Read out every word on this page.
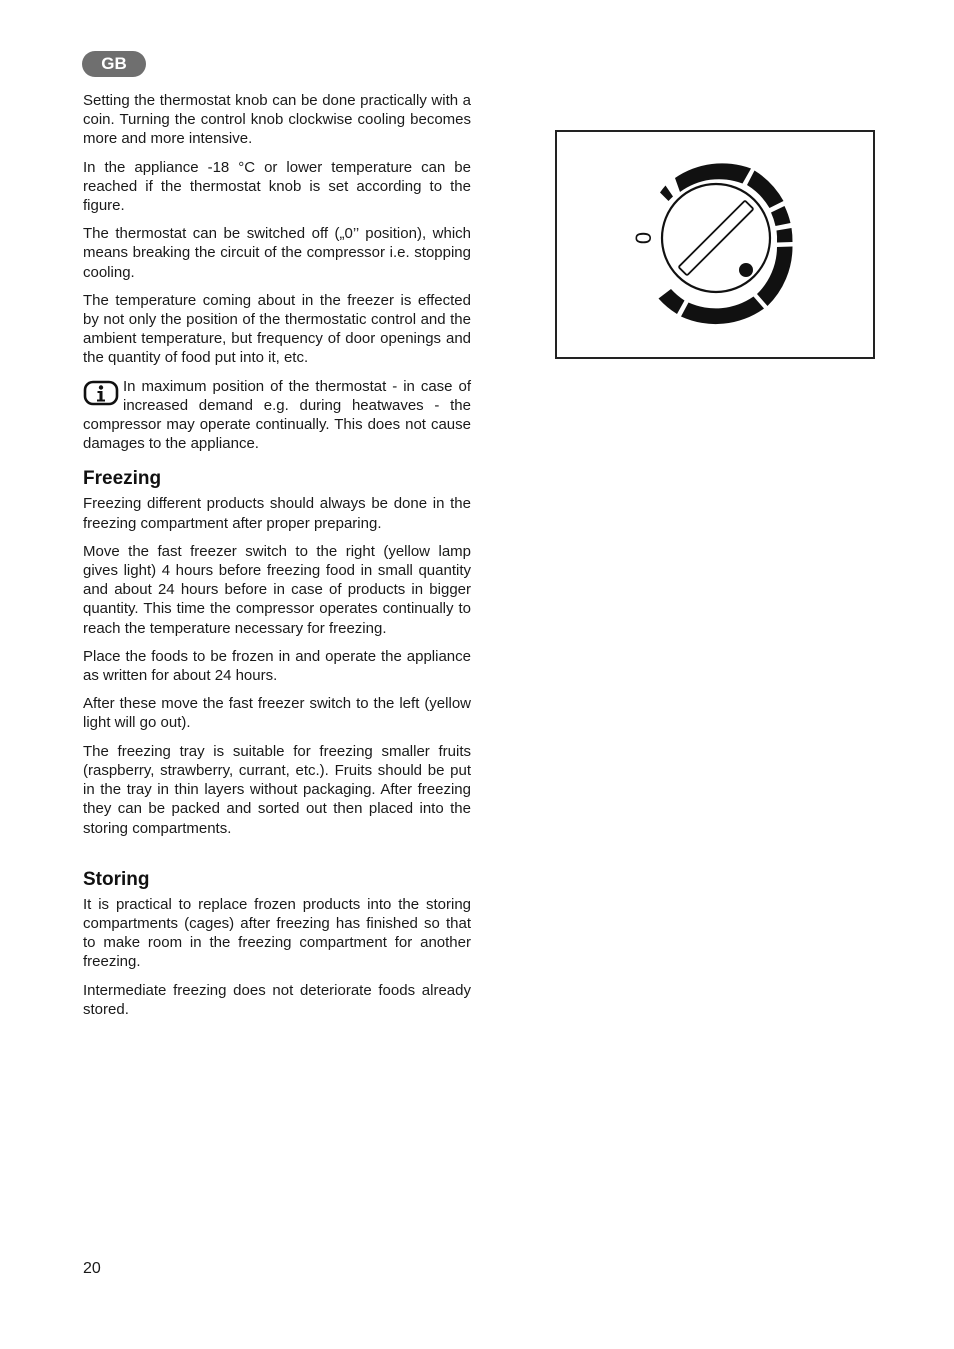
GB

Setting the thermostat knob can be done practically with a coin. Turning the control knob clockwise cooling becomes more and more intensive.

In the appliance -18 °C or lower temperature can be reached if the thermostat knob is set according to the figure.

The thermostat can be switched off („0’’ position), which means breaking the circuit of the compressor i.e. stopping cooling.

The temperature coming about in the freezer is effected by not only the position of the thermostatic control and the ambient temperature, but frequency of door openings and the quantity of food put into it, etc.

In maximum position of the thermostat - in case of increased demand e.g. during heatwaves - the compressor may operate continually. This does not cause damages to the appliance.

Freezing

Freezing different products should always be done in the freezing compartment after proper preparing.

Move the fast freezer switch to the right (yellow lamp gives light) 4 hours before freezing food in small quantity and about 24 hours before in case of products in bigger quantity. This time the compressor operates continually to reach the temperature necessary for freezing.

Place the foods to be frozen in and operate the appliance as written for about 24 hours.

After these move the fast freezer switch to the left (yellow light will go out).

The freezing tray is suitable for freezing smaller fruits (raspberry, strawberry, currant, etc.). Fruits should be put in the tray in thin layers without packaging. After freezing they can be packed and sorted out then placed into the storing compartments.

Storing

It is practical to replace frozen products into the storing compartments (cages) after freezing has finished so that to make room in the freezing compartment for another freezing.

Intermediate freezing does not deteriorate foods already stored.

0
20
